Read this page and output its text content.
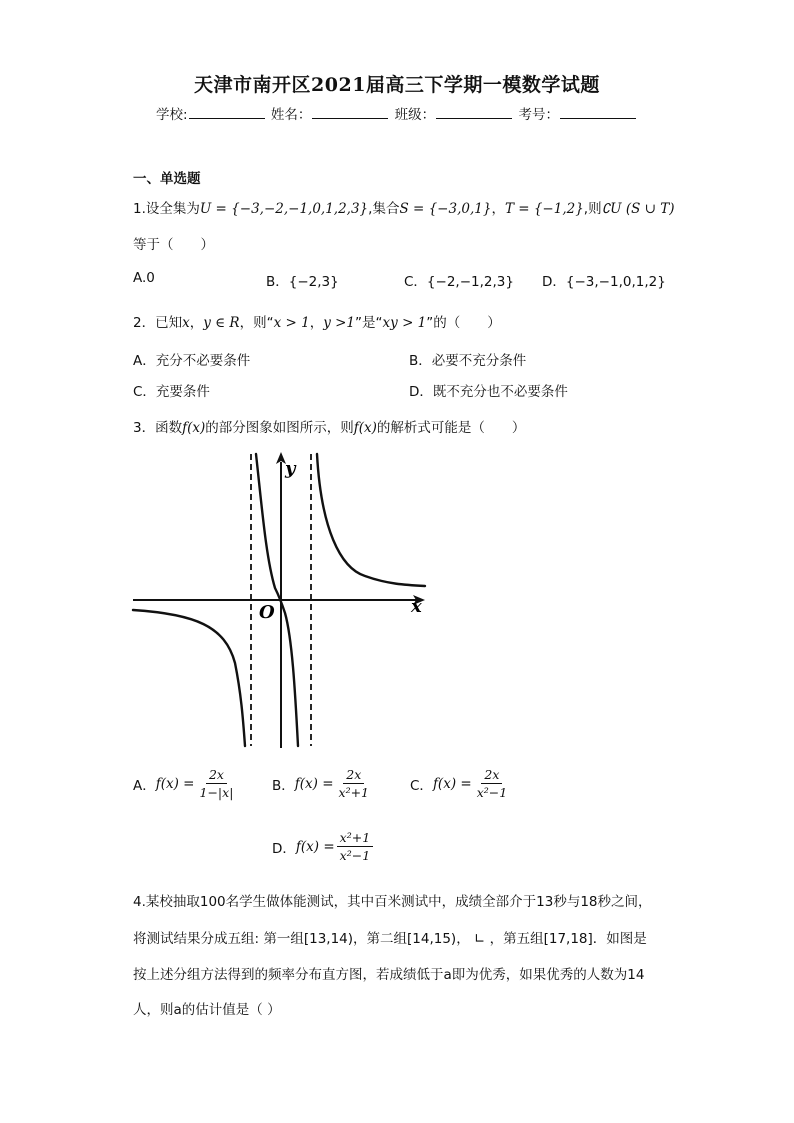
天津市南开区2021届高三下学期一模数学试题
学校:	姓名：	班级：	考号：
一、单选题
1.设全集为U = {−3,−2,−1,0,1,2,3},集合S = {−3,0,1}，T = {−1,2},则∁U (S ∪ T)
等于（　　）
A.0	B．{−2,3}	C．{−2,−1,2,3} D．{−3,−1,0,1,2}
2．已知x，y ∈ R，则“x > 1，y >1”是“xy > 1”的（　　）
A．充分不必要条件	B．必要不充分条件
C．充要条件	D．既不充分也不必要条件
3．函数f(x)的部分图象如图所示，则f(x)的解析式可能是（　　）
y
x
O
A． $f(x) = \frac{2x}{1-|x|}$	B． $f(x) = \frac{2x}{\text{x²+1}}$	C． $f(x) = \frac{2x}{\text{x²−1}}$
D． $f(x) = \frac{\text{x²+1}}{\text{x²−1}}$
4.某校抽取100名学生做体能测试，其中百米测试中，成绩全部介于13秒与18秒之间，
将测试结果分成五组: 第一组[13,14)，第二组[14,15)， ∟ ，第五组[17,18]．如图是
按上述分组方法得到的频率分布直方图，若成绩低于a即为优秀，如果优秀的人数为14
人，则a的估计值是（ ）
